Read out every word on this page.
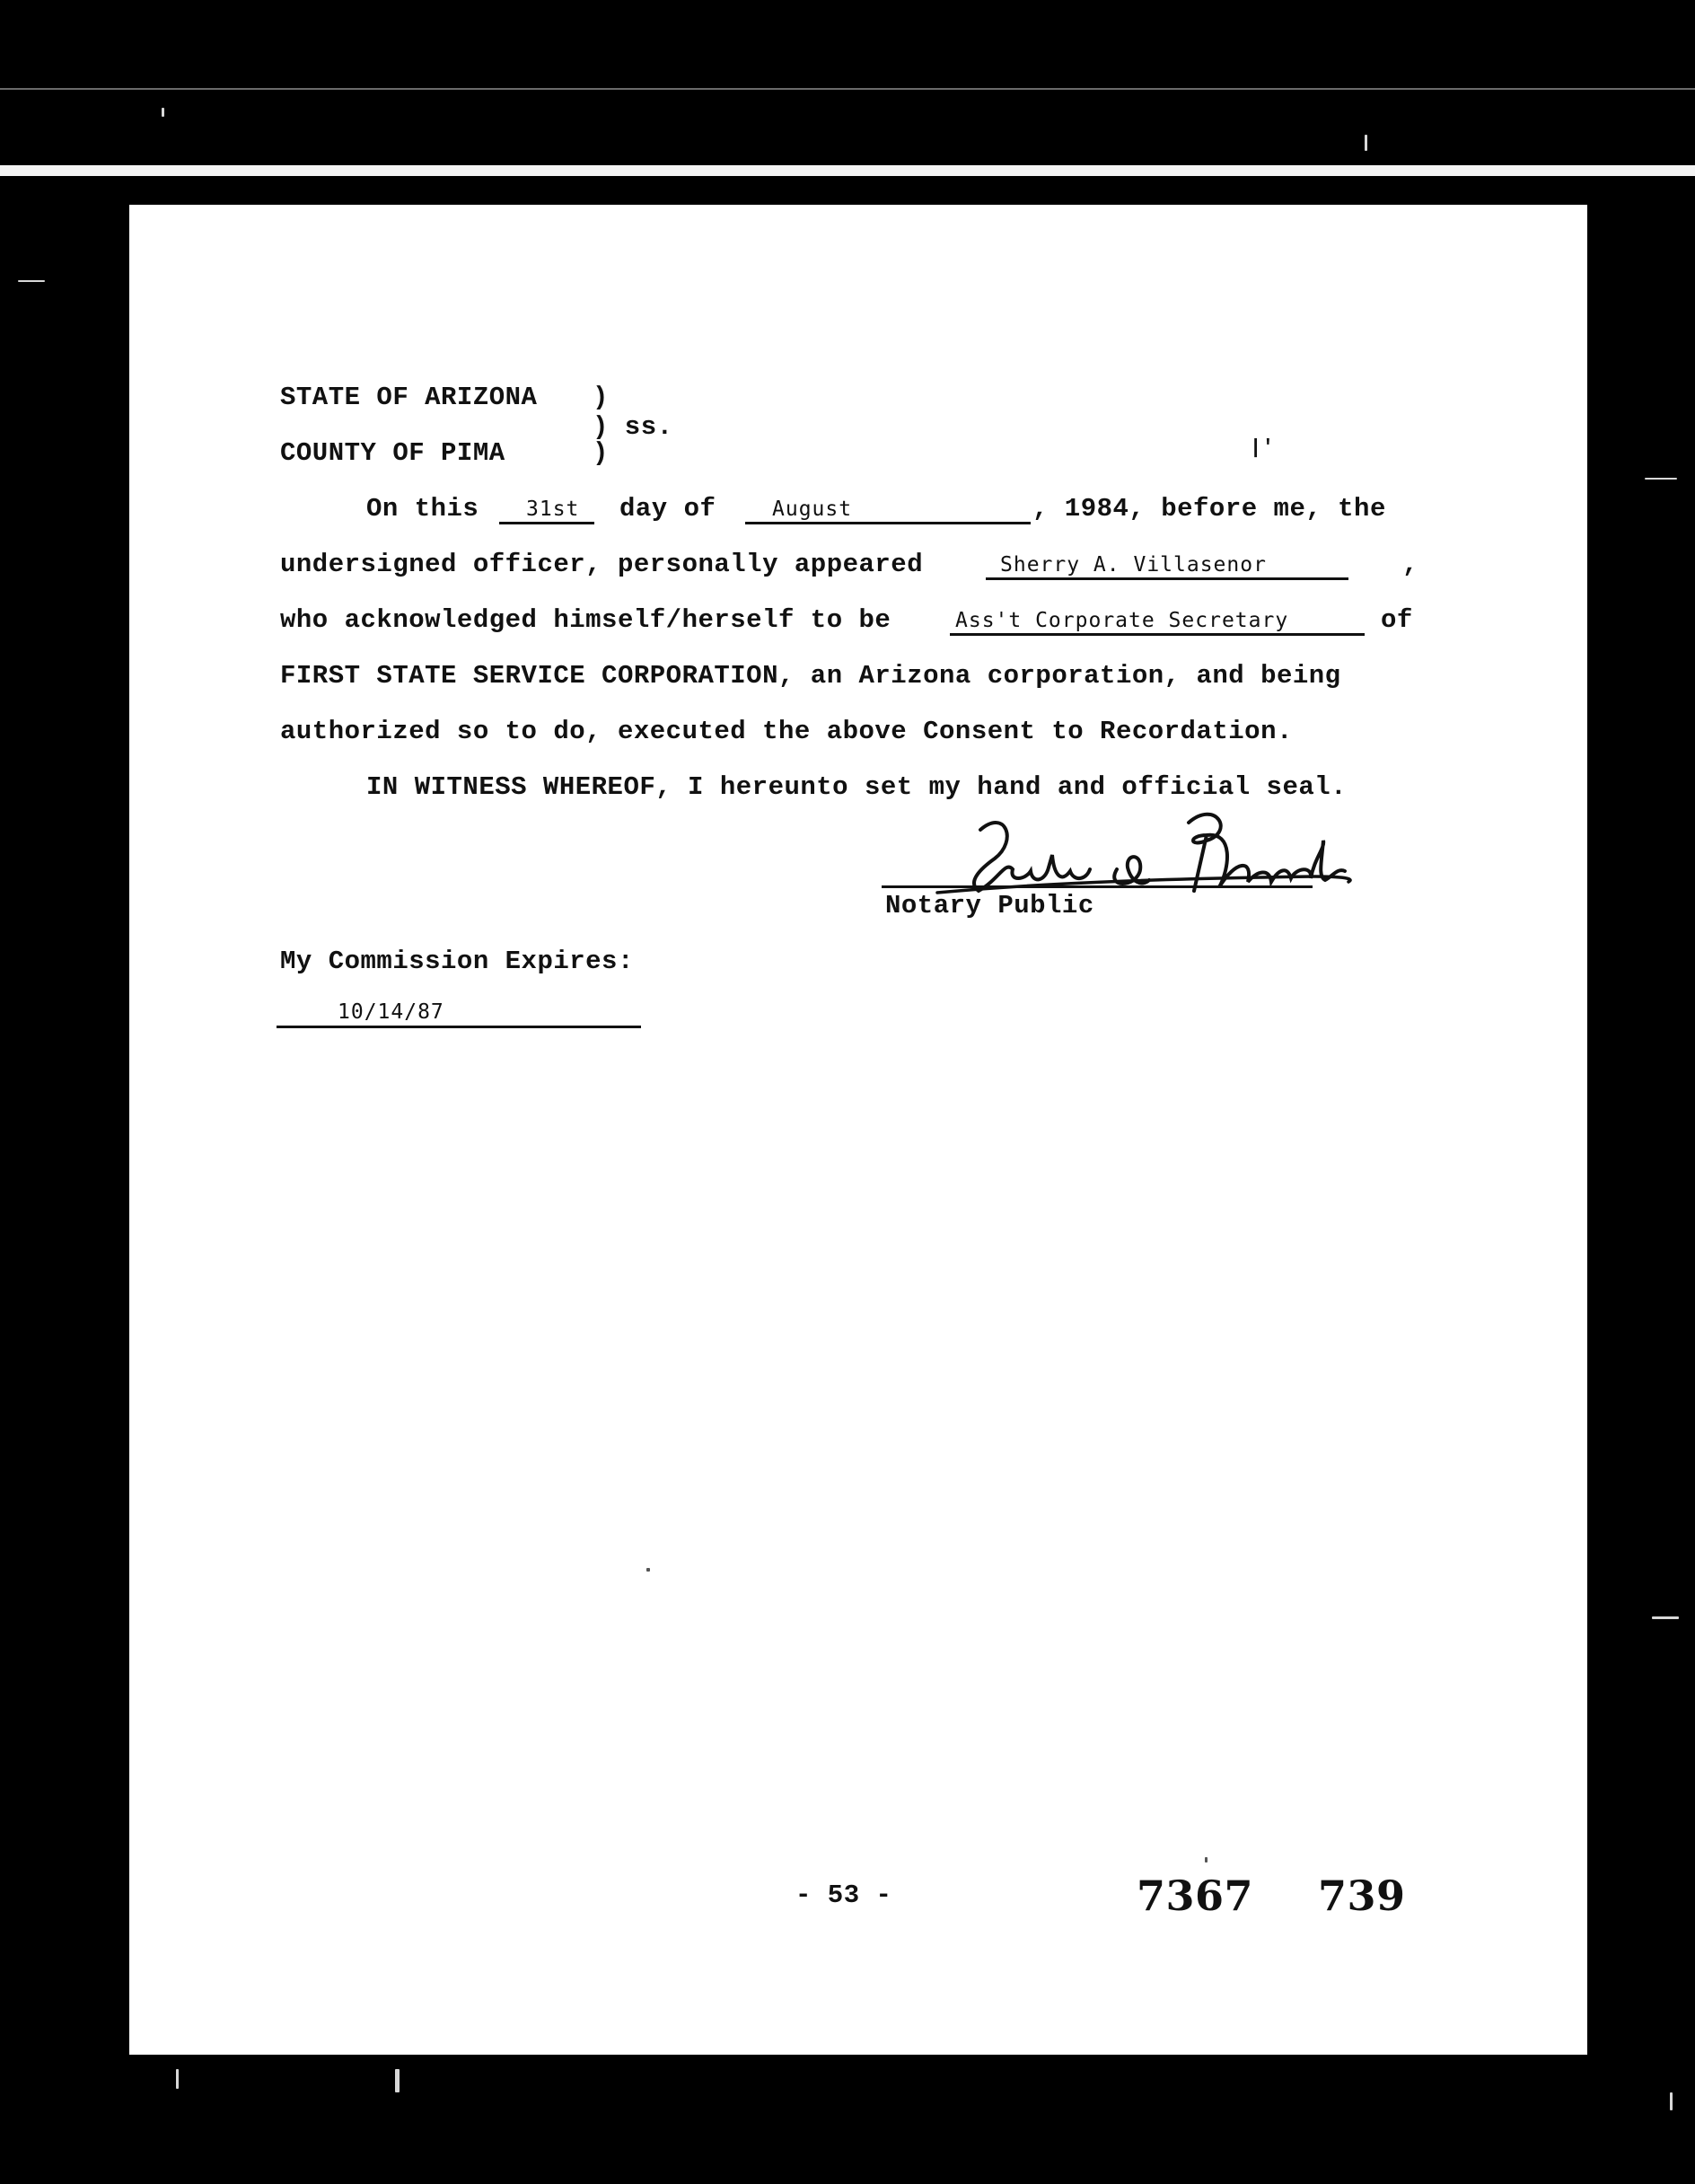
STATE OF ARIZONA )
) ss.
COUNTY OF PIMA	)	|'
On this 31st day of	August	, 1984, before me, the
undersigned officer, personally appeared	Sherry A. Villasenor	,
who acknowledged himself/herself to be	Ass't Corporate Secretary	of
FIRST STATE SERVICE CORPORATION, an Arizona corporation, and being
authorized so to do, executed the above Consent to Recordation.
IN WITNESS WHEREOF, I hereunto set my hand and official seal.
Notary Public
My Commission Expires:
10/14/87
- 53 -	7367 739
